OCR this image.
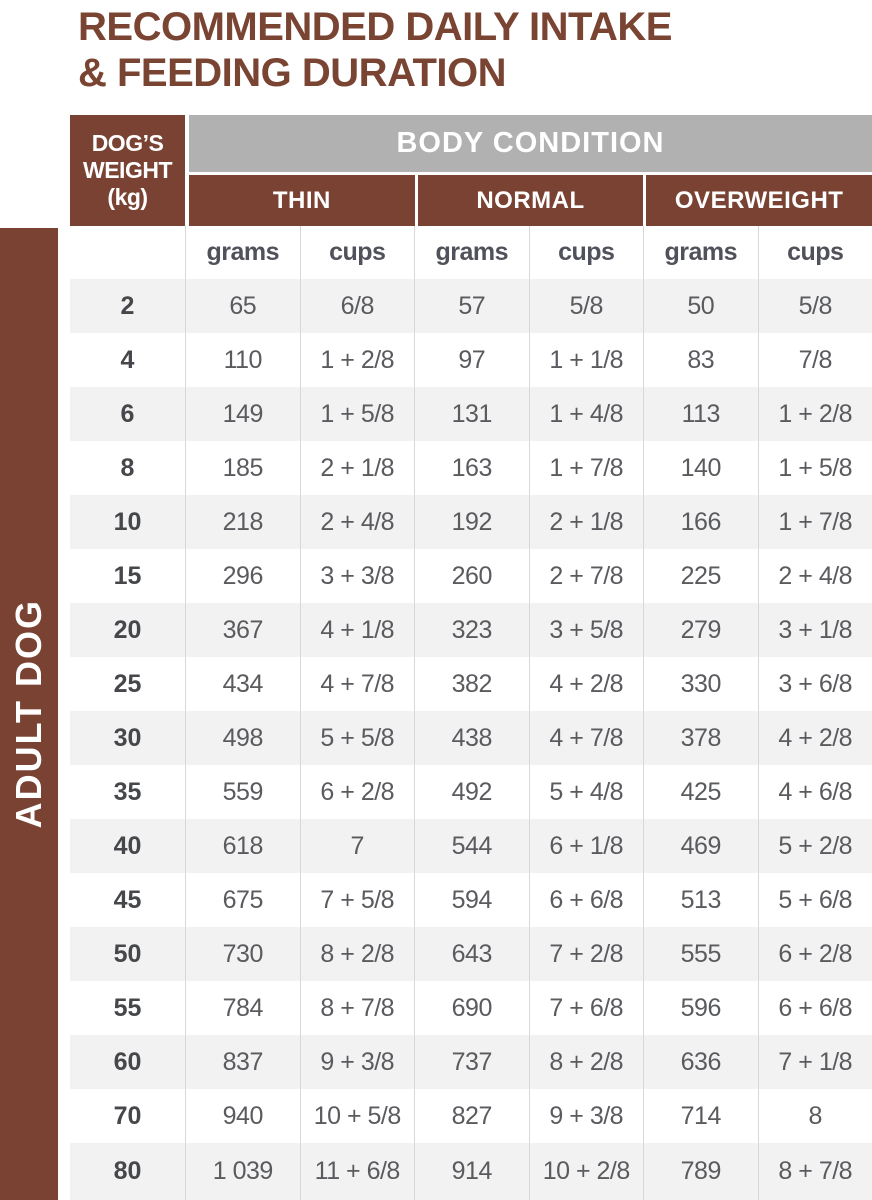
RECOMMENDED DAILY INTAKE
& FEEDING DURATION
ADULT DOG
DOG’S
WEIGHT
(kg)
BODY CONDITION
THIN	NORMAL	OVERWEIGHT
grams	cups	grams	cups	grams	cups
2	65	6/8	57	5/8	50	5/8
4	110	1 + 2/8	97	1 + 1/8	83	7/8
6	149	1 + 5/8	131	1 + 4/8	113	1 + 2/8
8	185	2 + 1/8	163	1 + 7/8	140	1 + 5/8
10	218	2 + 4/8	192	2 + 1/8	166	1 + 7/8
15	296	3 + 3/8	260	2 + 7/8	225	2 + 4/8
20	367	4 + 1/8	323	3 + 5/8	279	3 + 1/8
25	434	4 + 7/8	382	4 + 2/8	330	3 + 6/8
30	498	5 + 5/8	438	4 + 7/8	378	4 + 2/8
35	559	6 + 2/8	492	5 + 4/8	425	4 + 6/8
40	618	7	544	6 + 1/8	469	5 + 2/8
45	675	7 + 5/8	594	6 + 6/8	513	5 + 6/8
50	730	8 + 2/8	643	7 + 2/8	555	6 + 2/8
55	784	8 + 7/8	690	7 + 6/8	596	6 + 6/8
60	837	9 + 3/8	737	8 + 2/8	636	7 + 1/8
70	940	10 + 5/8	827	9 + 3/8	714	8
80	1 039	11 + 6/8	914	10 + 2/8	789	8 + 7/8
